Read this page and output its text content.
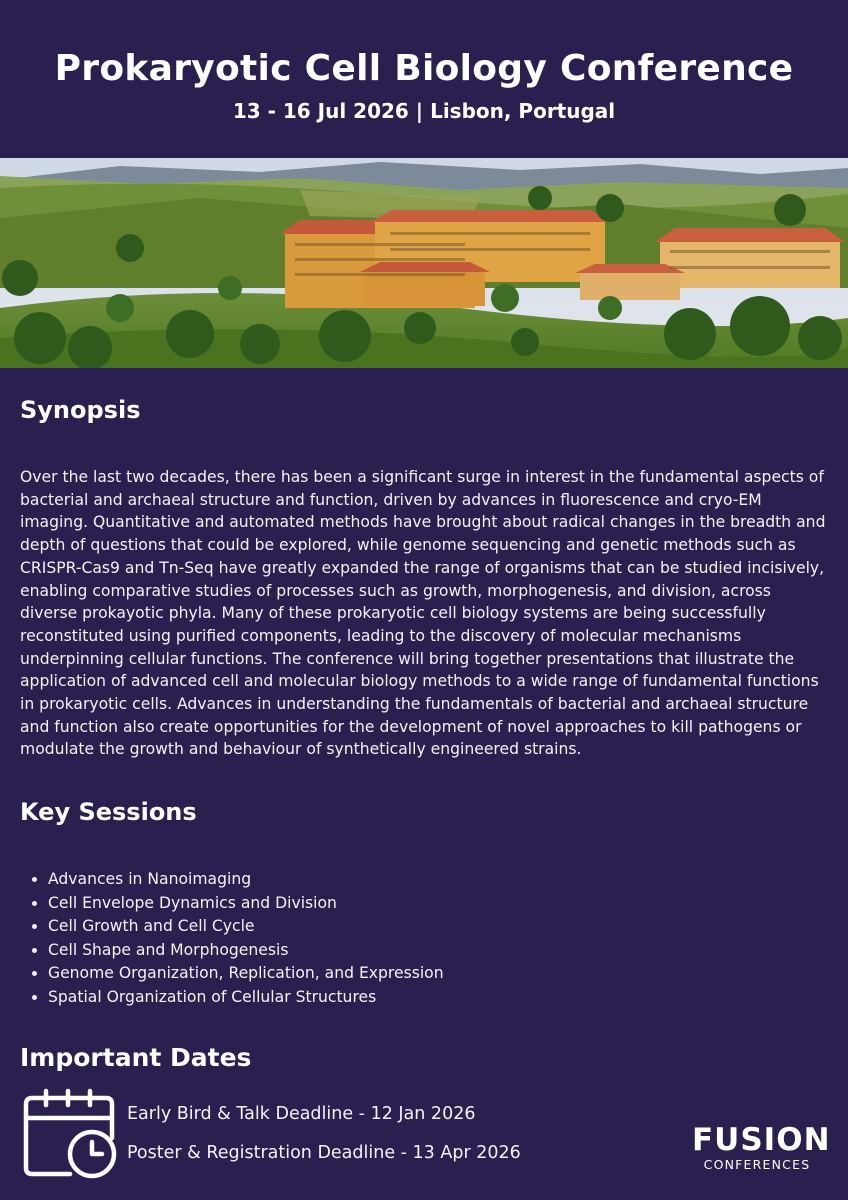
Prokaryotic Cell Biology Conference

13 - 16 Jul 2026 | Lisbon, Portugal

Synopsis

Over the last two decades, there has been a significant surge in interest in the fundamental aspects of bacterial and archaeal structure and function, driven by advances in fluorescence and cryo-EM imaging. Quantitative and automated methods have brought about radical changes in the breadth and depth of questions that could be explored, while genome sequencing and genetic methods such as CRISPR-Cas9 and Tn-Seq have greatly expanded the range of organisms that can be studied incisively, enabling comparative studies of processes such as growth, morphogenesis, and division, across diverse prokayotic phyla. Many of these prokaryotic cell biology systems are being successfully reconstituted using purified components, leading to the discovery of molecular mechanisms underpinning cellular functions. The conference will bring together presentations that illustrate the application of advanced cell and molecular biology methods to a wide range of fundamental functions in prokaryotic cells. Advances in understanding the fundamentals of bacterial and archaeal structure and function also create opportunities for the development of novel approaches to kill pathogens or modulate the growth and behaviour of synthetically engineered strains.

Key Sessions
• Advances in Nanoimaging
• Cell Envelope Dynamics and Division
• Cell Growth and Cell Cycle
• Cell Shape and Morphogenesis
• Genome Organization, Replication, and Expression
• Spatial Organization of Cellular Structures
Important Dates
Early Bird & Talk Deadline - 12 Jan 2026
Poster & Registration Deadline - 13 Apr 2026	FUSION
CONFERENCES
